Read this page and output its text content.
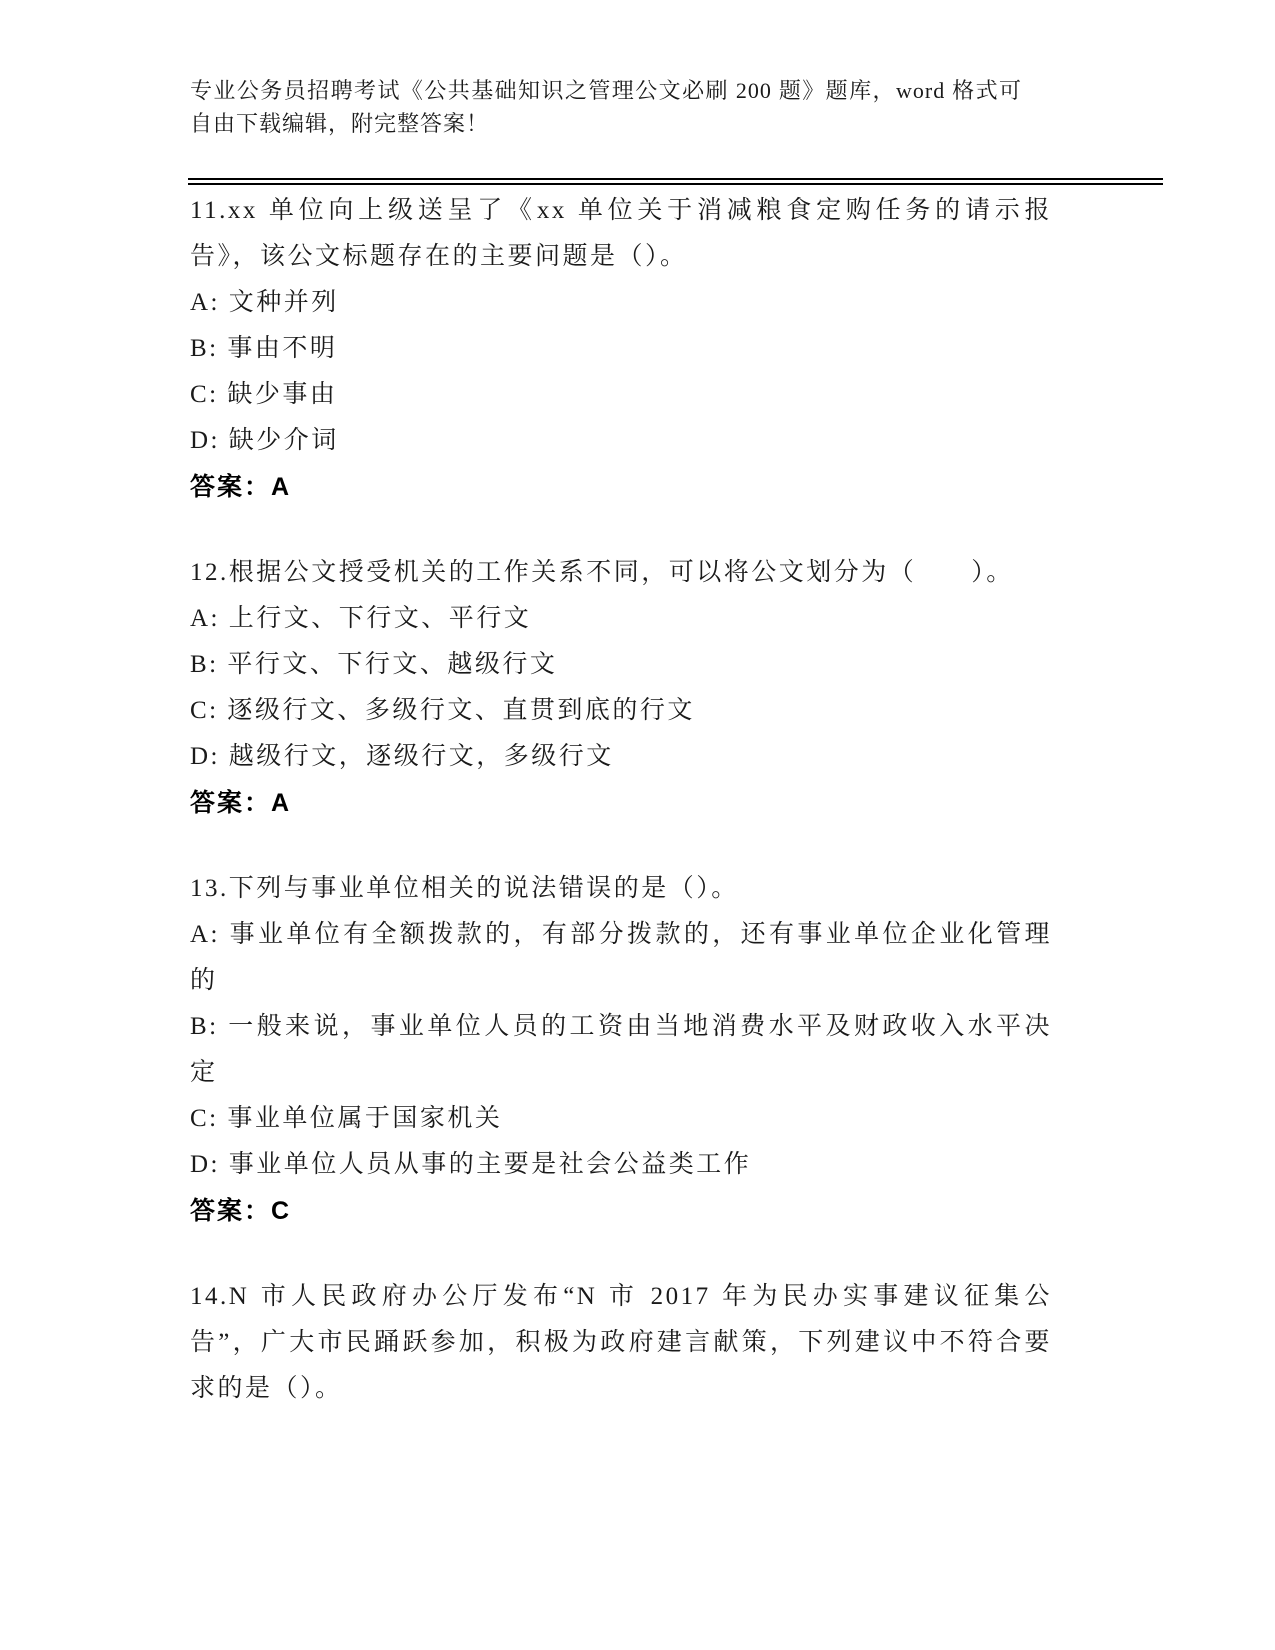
专业公务员招聘考试《公共基础知识之管理公文必刷 200 题》题库，word 格式可自由下载编辑，附完整答案！

11.xx 单位向上级送呈了《xx 单位关于消减粮食定购任务的请示报告》，该公文标题存在的主要问题是（）。

A: 文种并列

B: 事由不明

C: 缺少事由

D: 缺少介词

答案：A

12.根据公文授受机关的工作关系不同，可以将公文划分为（　　）。

A: 上行文、下行文、平行文

B: 平行文、下行文、越级行文

C: 逐级行文、多级行文、直贯到底的行文

D: 越级行文，逐级行文，多级行文

答案：A

13.下列与事业单位相关的说法错误的是（）。

A: 事业单位有全额拨款的，有部分拨款的，还有事业单位企业化管理的

B: 一般来说，事业单位人员的工资由当地消费水平及财政收入水平决定

C: 事业单位属于国家机关

D: 事业单位人员从事的主要是社会公益类工作

答案：C

14.N 市人民政府办公厅发布“N 市 2017 年为民办实事建议征集公告”，广大市民踊跃参加，积极为政府建言献策，下列建议中不符合要求的是（）。
